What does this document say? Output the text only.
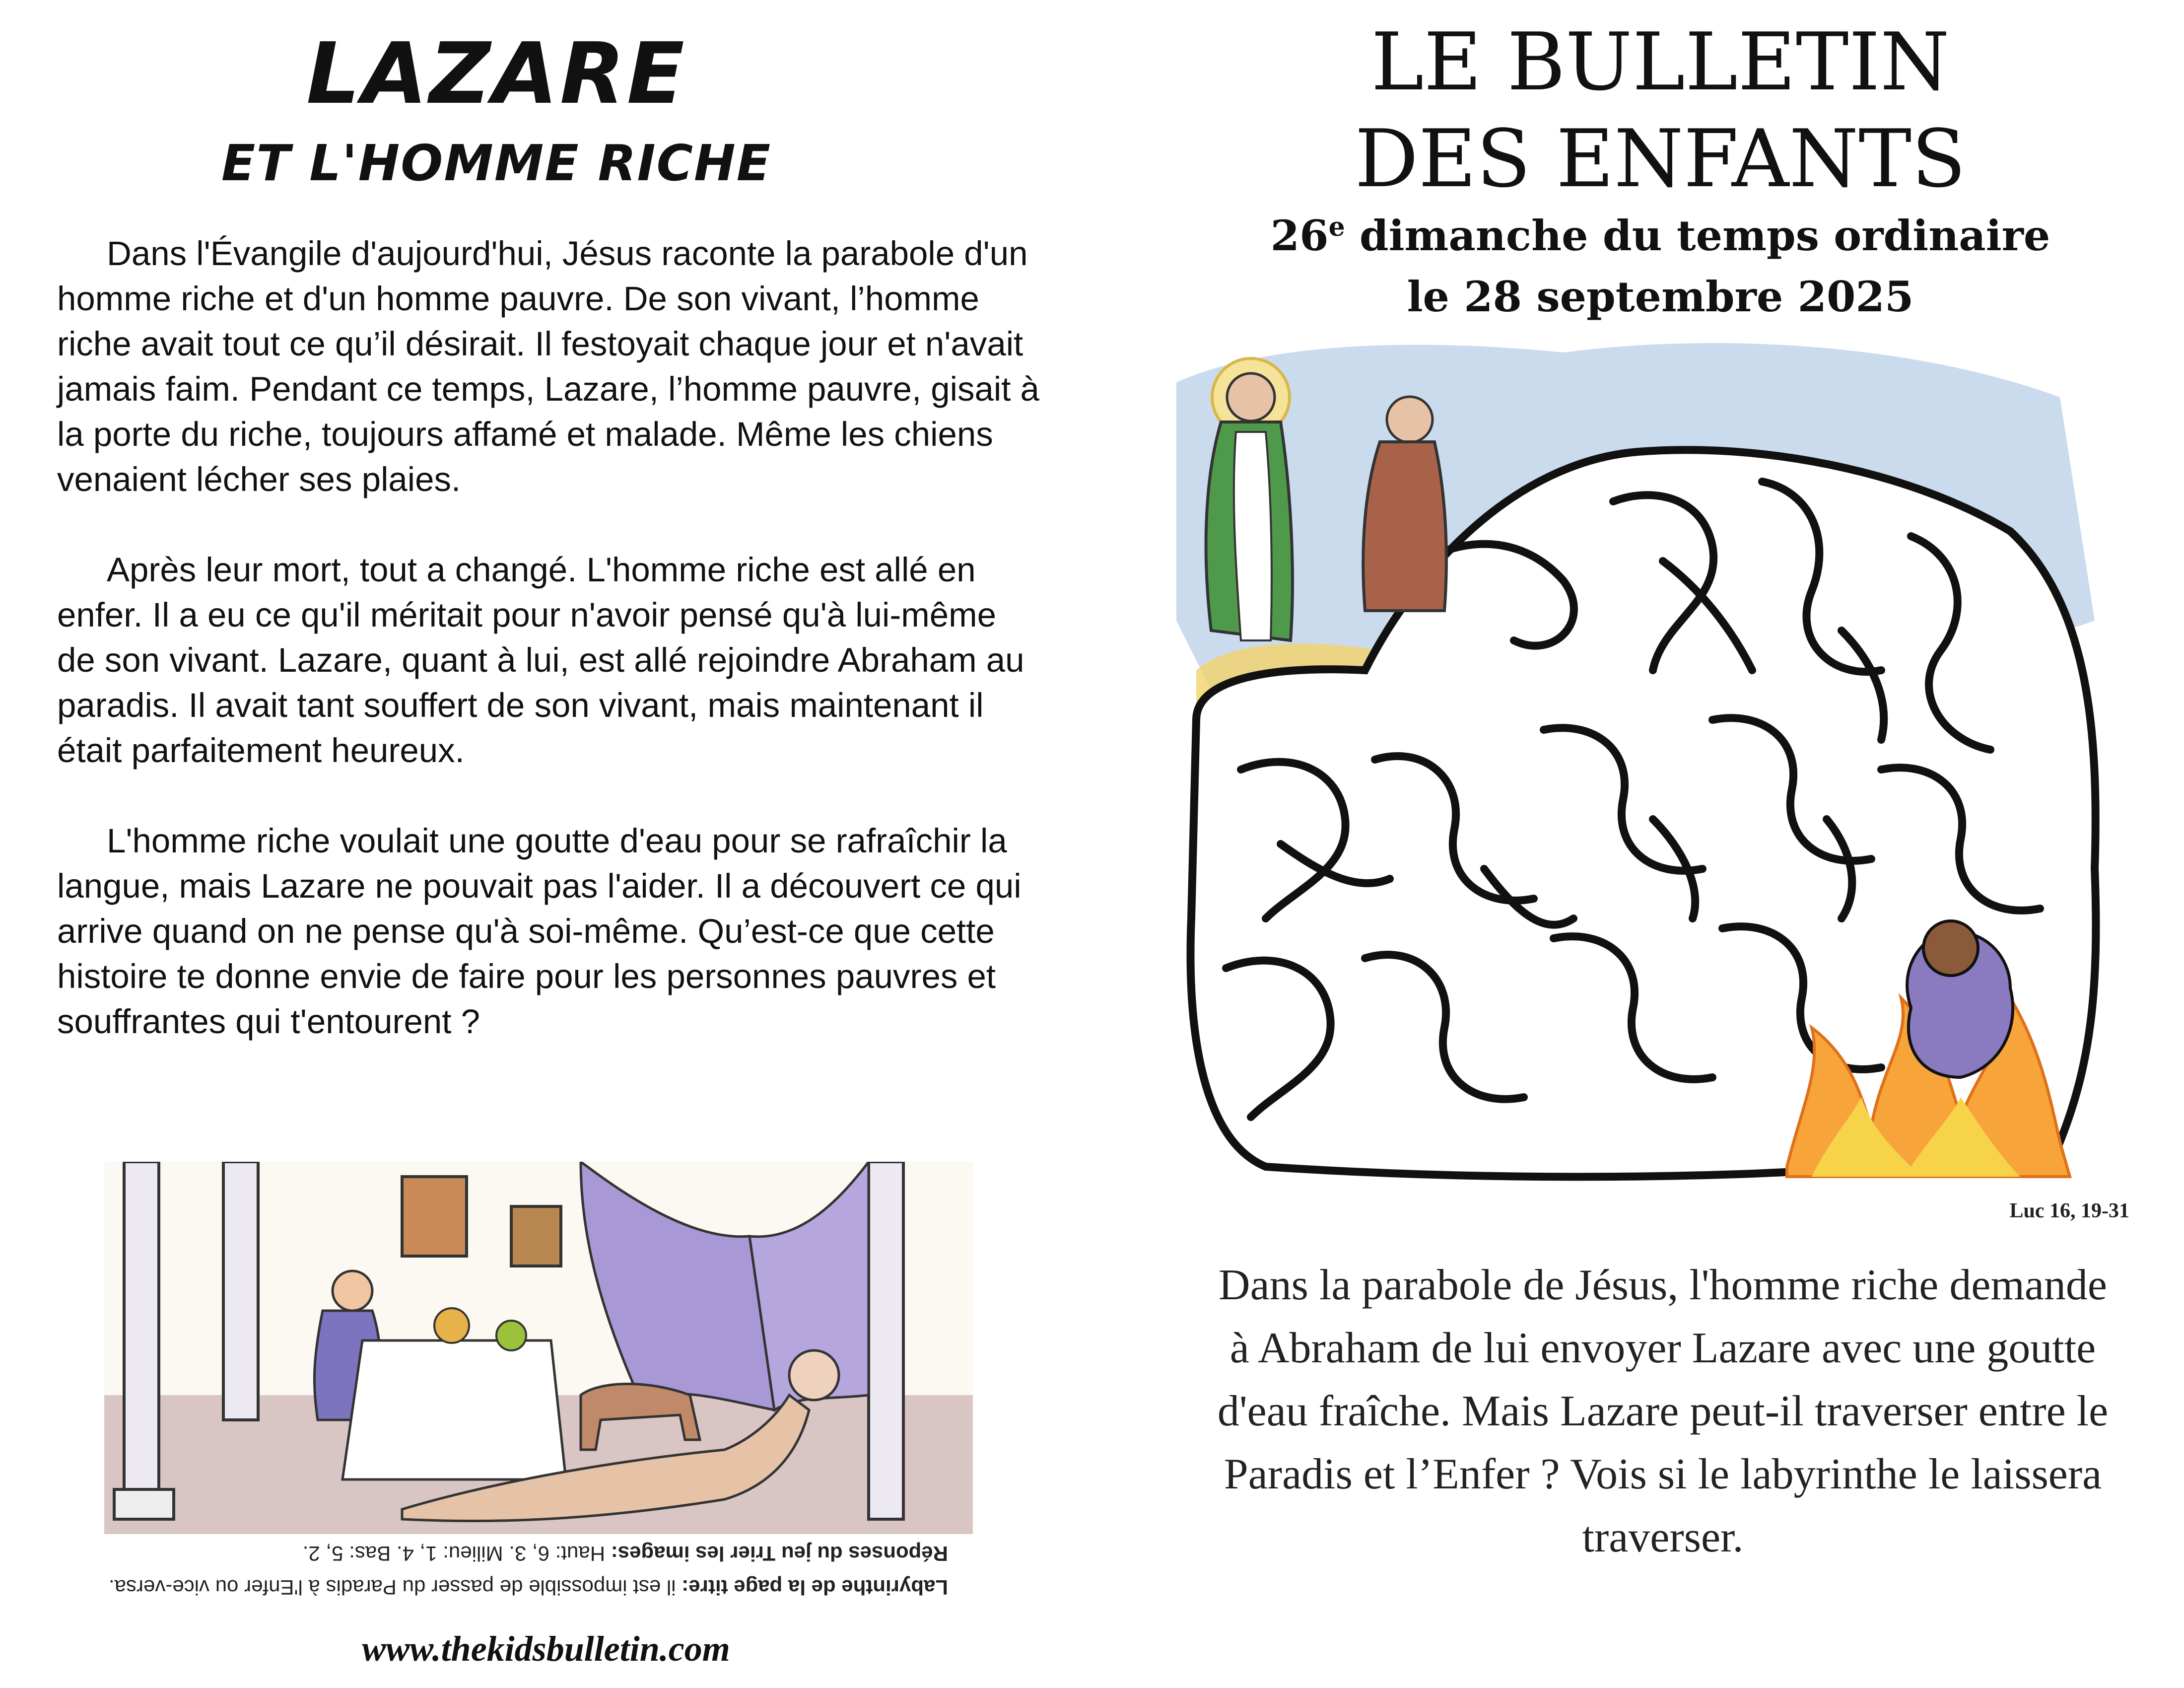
LAZARE
ET L'HOMME RICHE

Dans l'Évangile d'aujourd'hui, Jésus raconte la parabole d'un homme riche et d'un homme pauvre. De son vivant, l’homme riche avait tout ce qu’il désirait. Il festoyait chaque jour et n'avait jamais faim. Pendant ce temps, Lazare, l’homme pauvre, gisait à la porte du riche, toujours affamé et malade. Même les chiens venaient lécher ses plaies.

Après leur mort, tout a changé. L'homme riche est allé en enfer. Il a eu ce qu'il méritait pour n'avoir pensé qu'à lui-même de son vivant. Lazare, quant à lui, est allé rejoindre Abraham au paradis. Il avait tant souffert de son vivant, mais maintenant il était parfaitement heureux.

L'homme riche voulait une goutte d'eau pour se rafraîchir la langue, mais Lazare ne pouvait pas l'aider. Il a découvert ce qui arrive quand on ne pense qu'à soi-même. Qu’est-ce que cette histoire te donne envie de faire pour les personnes pauvres et souffrantes qui t'entourent ?

Labyrinthe de la page titre: il est impossible de passer du Paradis à l'Enfer ou vice-versa.
Réponses du jeu Trier les images: Haut: 6, 3. Milieu: 1, 4. Bas: 5, 2.
www.thekidsbulletin.com
LE BULLETIN
DES ENFANTS
26e dimanche du temps ordinaire
le 28 septembre 2025
Luc 16, 19-31
Dans la parabole de Jésus, l'homme riche demande à Abraham de lui envoyer Lazare avec une goutte d'eau fraîche. Mais Lazare peut-il traverser entre le Paradis et l’Enfer ? Vois si le labyrinthe le laissera traverser.
